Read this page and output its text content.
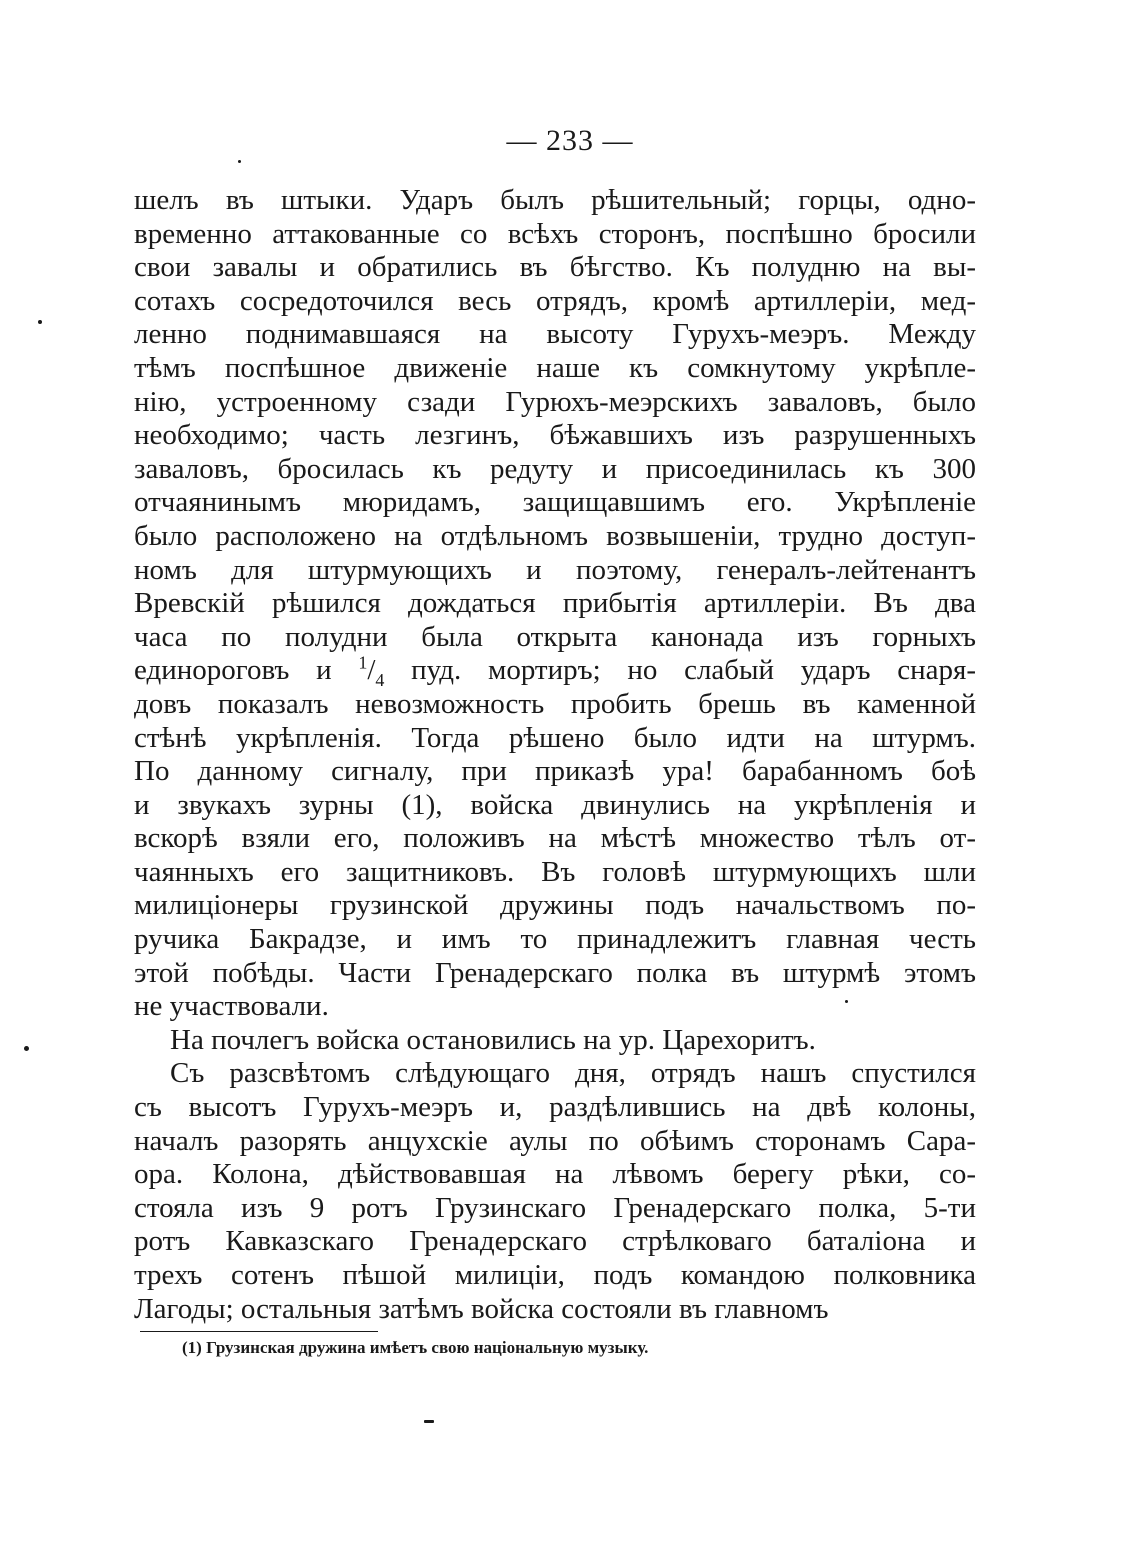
— 233 —
шелъ въ штыки. Ударъ былъ рѣшительный; горцы, одно-
временно аттакованные со всѣхъ сторонъ, поспѣшно бросили
свои завалы и обратились въ бѣгство. Къ полудню на вы-
сотахъ сосредоточился весь отрядъ, кромѣ артиллеріи, мед-
ленно поднимавшаяся на высоту Гурухъ-меэръ. Между
тѣмъ поспѣшное движеніе наше къ сомкнутому укрѣпле-
нію, устроенному сзади Гурюхъ-меэрскихъ заваловъ, было
необходимо; часть лезгинъ, бѣжавшихъ изъ разрушенныхъ
заваловъ, бросилась къ редуту и присоединилась къ 300
отчаянинымъ мюридамъ, защищавшимъ его. Укрѣпленіе
было расположено на отдѣльномъ возвышеніи, трудно доступ-
номъ для штурмующихъ и поэтому, генералъ-лейтенантъ
Вревскій рѣшился дождаться прибытія артиллеріи. Въ два
часа по полудни была открыта канонада изъ горныхъ
единороговъ и $^1/_4$ пуд. мортиръ; но слабый ударъ снаря-
довъ показалъ невозможность пробить брешь въ каменной
стѣнѣ укрѣпленія. Тогда рѣшено было идти на штурмъ.
По данному сигналу, при приказѣ ура! барабанномъ боѣ
и звукахъ зурны (1), войска двинулись на укрѣпленія и
вскорѣ взяли его, положивъ на мѣстѣ множество тѣлъ от-
чаянныхъ его защитниковъ. Въ головѣ штурмующихъ шли
милиціонеры грузинской дружины подъ начальствомъ по-
ручика Бакрадзе, и имъ то принадлежитъ главная честь
этой побѣды. Части Гренадерскаго полка въ штурмѣ этомъ
не участвовали.
На почлегъ войска остановились на ур. Царехоритъ.
Съ разсвѣтомъ слѣдующаго дня, отрядъ нашъ спустился
съ высотъ Гурухъ-меэръ и, раздѣлившись на двѣ колоны,
началъ разорять анцухскіе аулы по обѣимъ сторонамъ Сара-
ора. Колона, дѣйствовавшая на лѣвомъ берегу рѣки, со-
стояла изъ 9 ротъ Грузинскаго Гренадерскаго полка, 5-ти
ротъ Кавказскаго Гренадерскаго стрѣлковаго баталіона и
трехъ сотенъ пѣшой милиціи, подъ командою полковника
Лагоды; остальныя затѣмъ войска состояли въ главномъ
(1) Грузинская дружина имѣетъ свою національную музыку.
